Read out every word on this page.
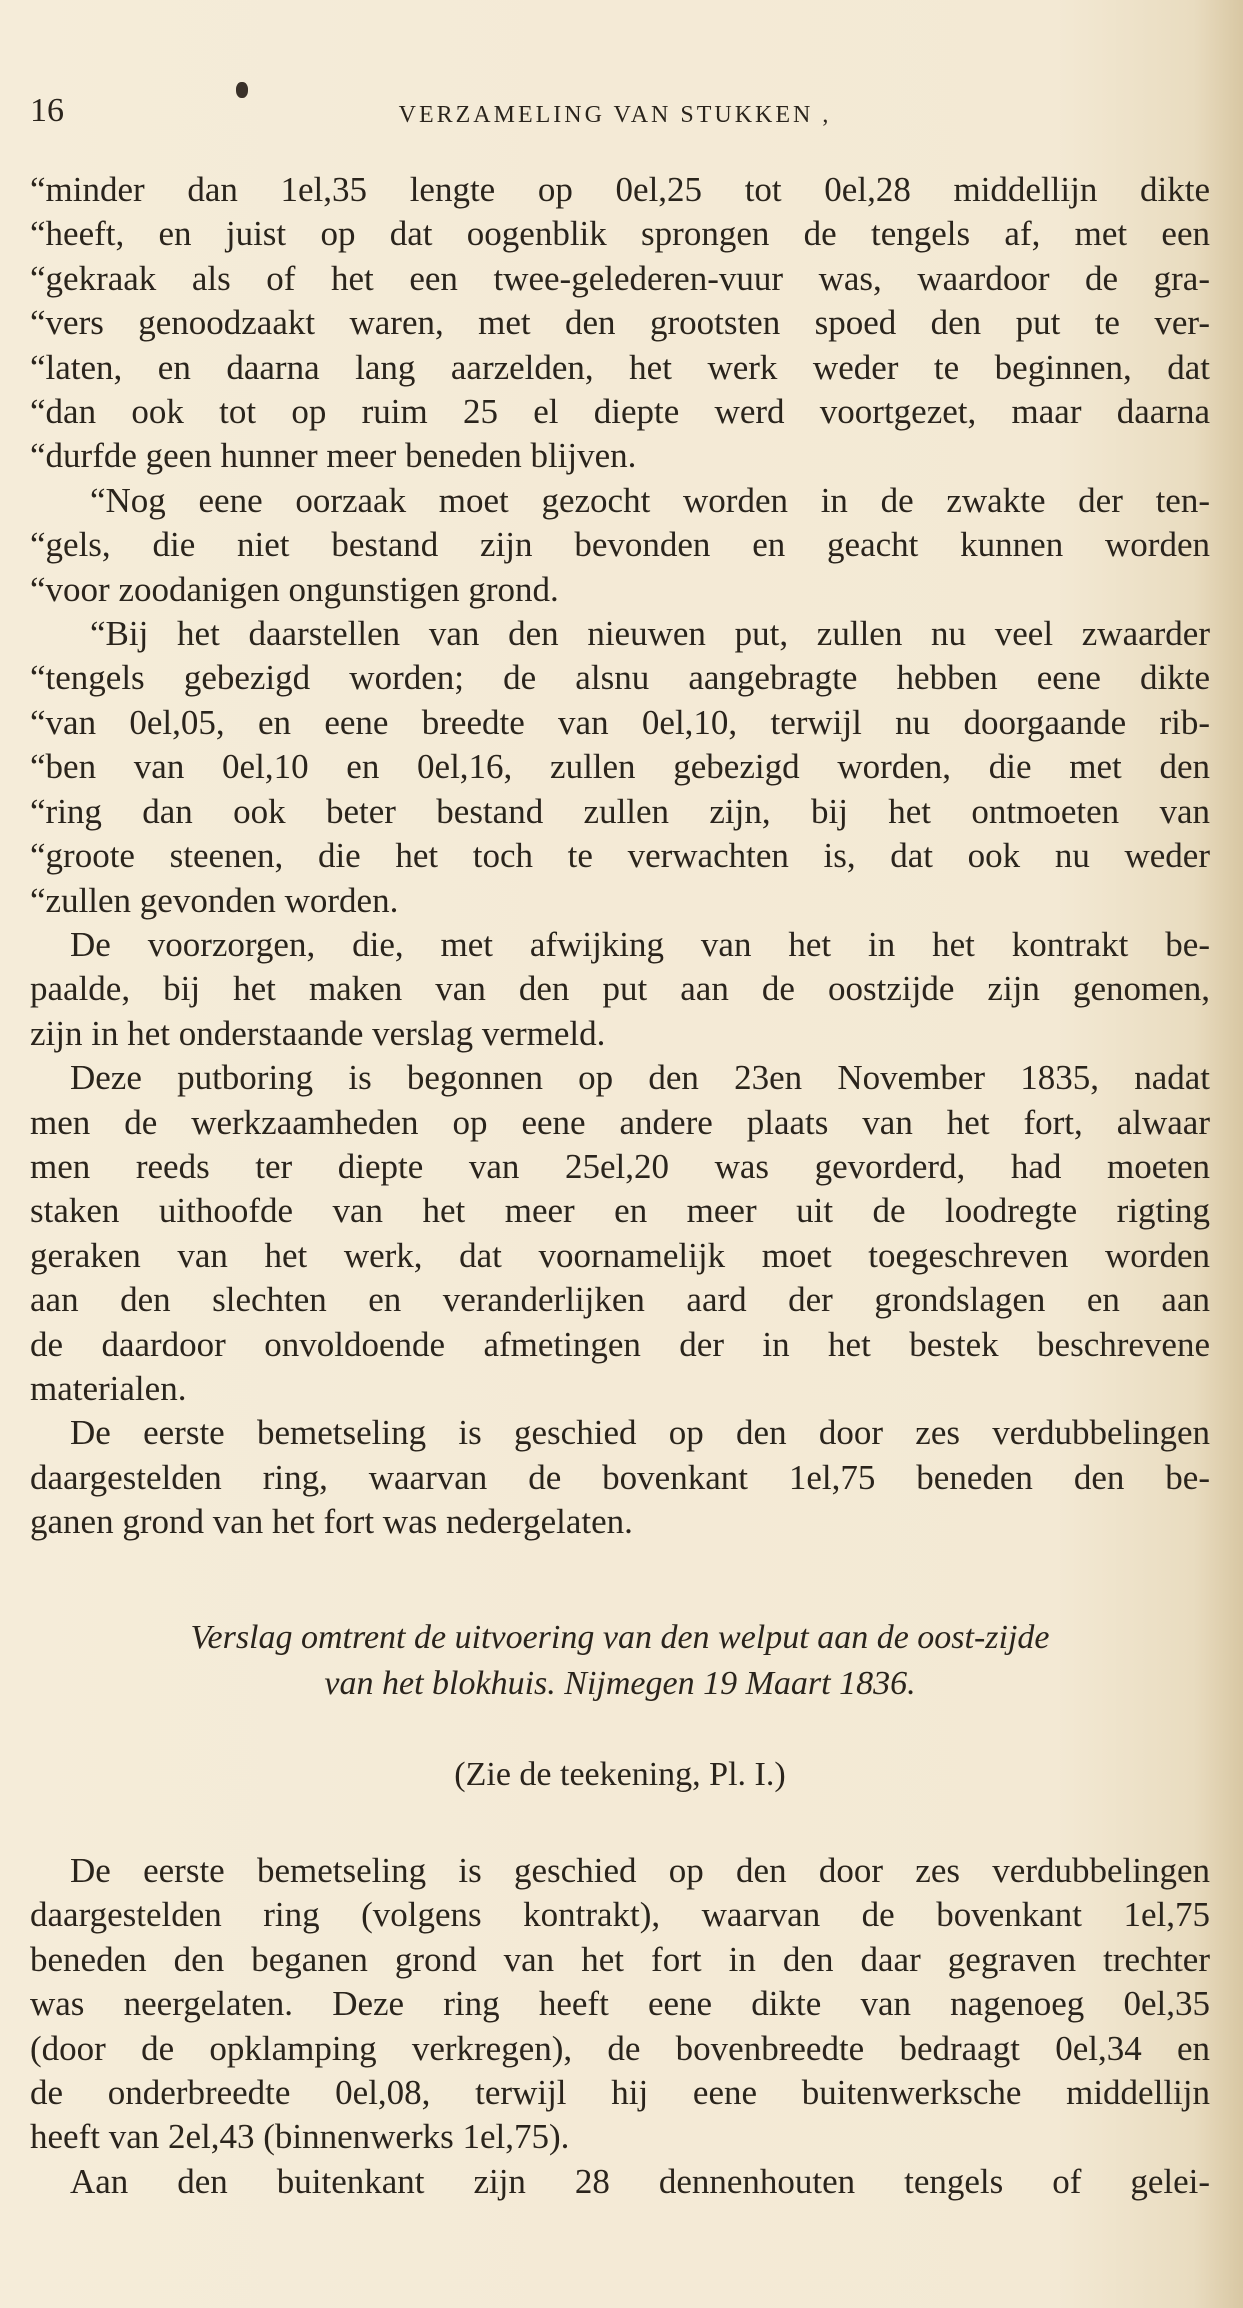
16	VERZAMELING VAN STUKKEN ,
“minder dan 1el,35 lengte op 0el,25 tot 0el,28 middellijn dikte
“heeft, en juist op dat oogenblik sprongen de tengels af, met een
“gekraak als of het een twee-gelederen-vuur was, waardoor de gra-
“vers genoodzaakt waren, met den grootsten spoed den put te ver-
“laten, en daarna lang aarzelden, het werk weder te beginnen, dat
“dan ook tot op ruim 25 el diepte werd voortgezet, maar daarna
“durfde geen hunner meer beneden blijven.
“Nog eene oorzaak moet gezocht worden in de zwakte der ten-
“gels, die niet bestand zijn bevonden en geacht kunnen worden
“voor zoodanigen ongunstigen grond.
“Bij het daarstellen van den nieuwen put, zullen nu veel zwaarder
“tengels gebezigd worden; de alsnu aangebragte hebben eene dikte
“van 0el,05, en eene breedte van 0el,10, terwijl nu doorgaande rib-
“ben van 0el,10 en 0el,16, zullen gebezigd worden, die met den
“ring dan ook beter bestand zullen zijn, bij het ontmoeten van
“groote steenen, die het toch te verwachten is, dat ook nu weder
“zullen gevonden worden.
De voorzorgen, die, met afwijking van het in het kontrakt be-
paalde, bij het maken van den put aan de oostzijde zijn genomen,
zijn in het onderstaande verslag vermeld.
Deze putboring is begonnen op den 23en November 1835, nadat
men de werkzaamheden op eene andere plaats van het fort, alwaar
men reeds ter diepte van 25el,20 was gevorderd, had moeten
staken uithoofde van het meer en meer uit de loodregte rigting
geraken van het werk, dat voornamelijk moet toegeschreven worden
aan den slechten en veranderlijken aard der grondslagen en aan
de daardoor onvoldoende afmetingen der in het bestek beschrevene
materialen.
De eerste bemetseling is geschied op den door zes verdubbelingen
daargestelden ring, waarvan de bovenkant 1el,75 beneden den be-
ganen grond van het fort was nedergelaten.
Verslag omtrent de uitvoering van den welput aan de oost-zijde
van het blokhuis. Nijmegen 19 Maart 1836.
(Zie de teekening, Pl. I.)
De eerste bemetseling is geschied op den door zes verdubbelingen
daargestelden ring (volgens kontrakt), waarvan de bovenkant 1el,75
beneden den beganen grond van het fort in den daar gegraven trechter
was neergelaten. Deze ring heeft eene dikte van nagenoeg 0el,35
(door de opklamping verkregen), de bovenbreedte bedraagt 0el,34 en
de onderbreedte 0el,08, terwijl hij eene buitenwerksche middellijn
heeft van 2el,43 (binnenwerks 1el,75).
Aan den buitenkant zijn 28 dennenhouten tengels of gelei-
